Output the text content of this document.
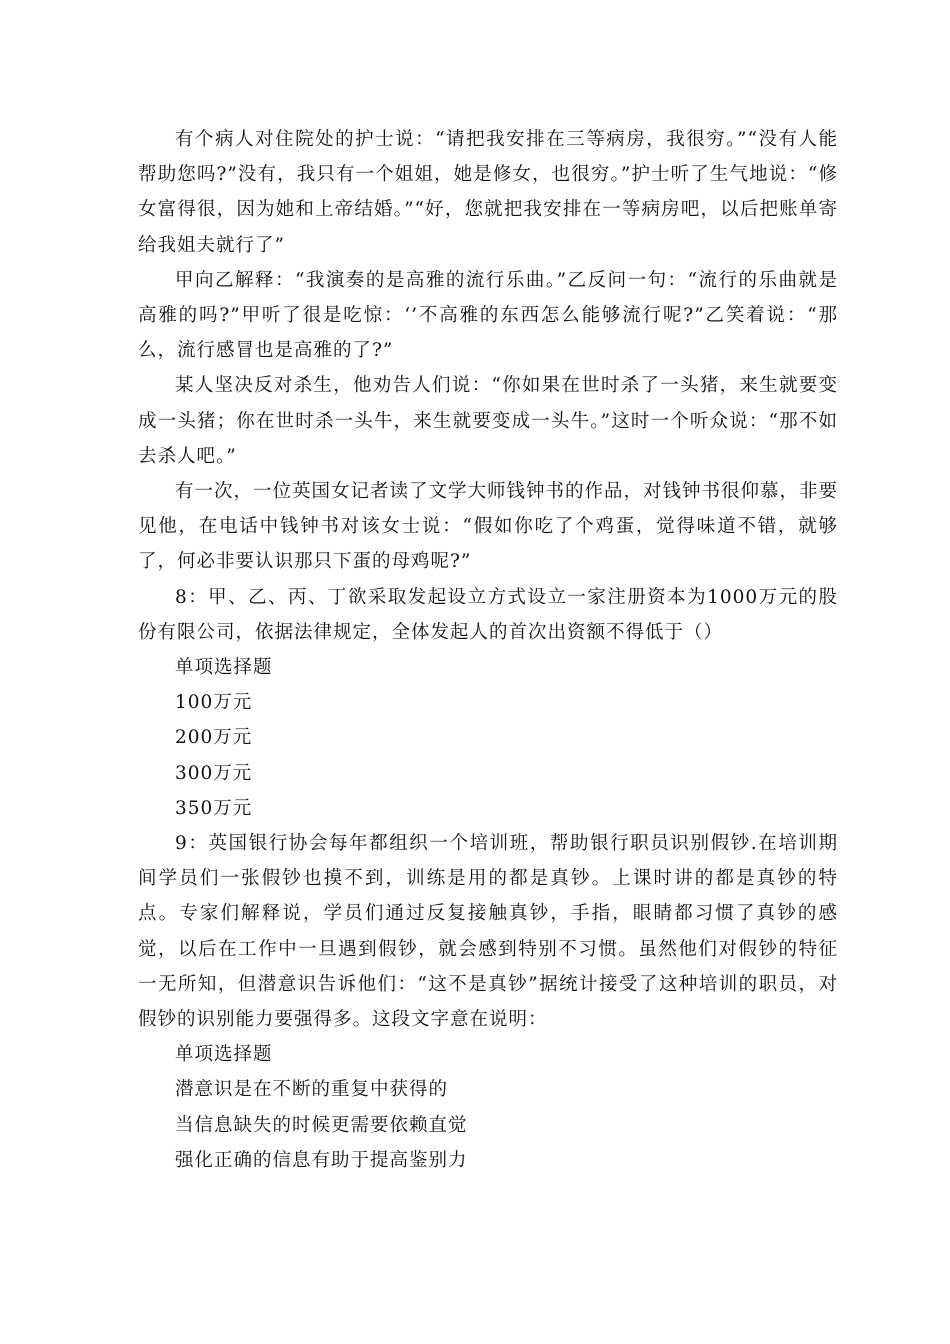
有个病人对住院处的护士说：“请把我安排在三等病房，我很穷。”“没有人能帮助您吗?”没有，我只有一个姐姐，她是修女，也很穷。”护士听了生气地说：“修女富得很，因为她和上帝结婚。”“好，您就把我安排在一等病房吧，以后把账单寄给我姐夫就行了”

甲向乙解释：“我演奏的是高雅的流行乐曲。”乙反问一句：“流行的乐曲就是高雅的吗?”甲听了很是吃惊：‘’不高雅的东西怎么能够流行呢?”乙笑着说：“那么，流行感冒也是高雅的了?”

某人坚决反对杀生，他劝告人们说：“你如果在世时杀了一头猪，来生就要变成一头猪；你在世时杀一头牛，来生就要变成一头牛。”这时一个听众说：“那不如去杀人吧。”

有一次，一位英国女记者读了文学大师钱钟书的作品，对钱钟书很仰慕，非要见他，在电话中钱钟书对该女士说：“假如你吃了个鸡蛋，觉得味道不错，就够了，何必非要认识那只下蛋的母鸡呢?”

8：甲、乙、丙、丁欲采取发起设立方式设立一家注册资本为1000万元的股份有限公司，依据法律规定，全体发起人的首次出资额不得低于（）

单项选择题

100万元

200万元

300万元

350万元

9：英国银行协会每年都组织一个培训班，帮助银行职员识别假钞.在培训期间学员们一张假钞也摸不到，训练是用的都是真钞。上课时讲的都是真钞的特点。专家们解释说，学员们通过反复接触真钞，手指，眼睛都习惯了真钞的感觉，以后在工作中一旦遇到假钞，就会感到特别不习惯。虽然他们对假钞的特征一无所知，但潜意识告诉他们：“这不是真钞”据统计接受了这种培训的职员，对假钞的识别能力要强得多。这段文字意在说明：

单项选择题

潜意识是在不断的重复中获得的

当信息缺失的时候更需要依赖直觉

强化正确的信息有助于提高鉴别力
